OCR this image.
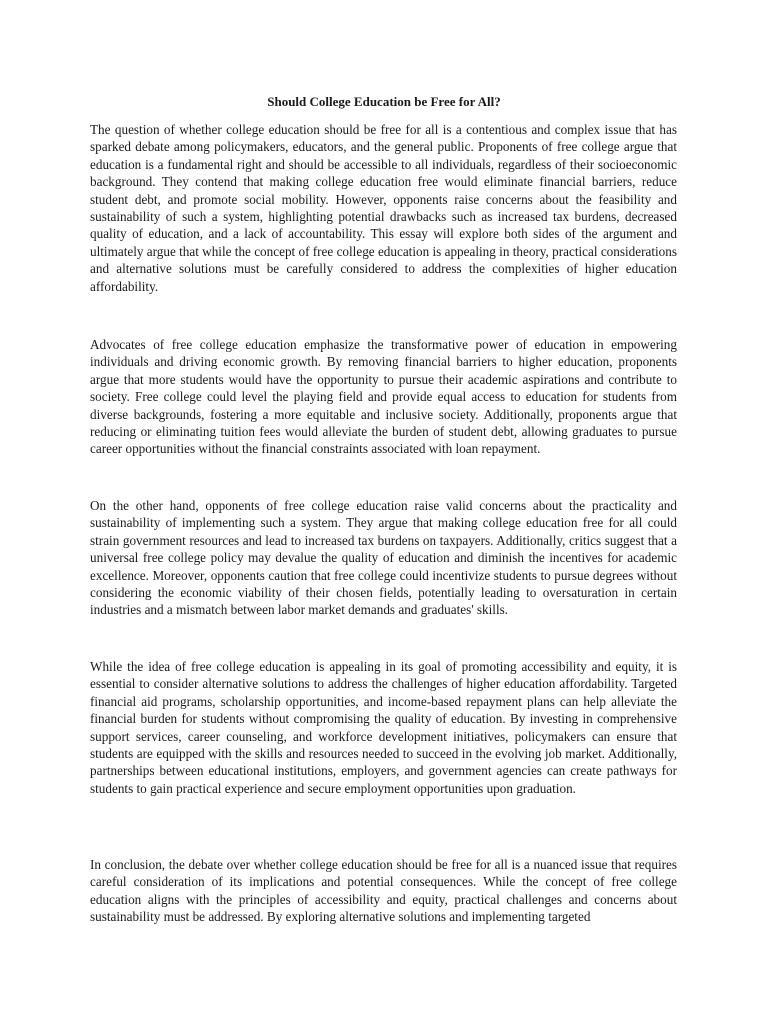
Should College Education be Free for All?

The question of whether college education should be free for all is a contentious and complex issue that has sparked debate among policymakers, educators, and the general public. Proponents of free college argue that education is a fundamental right and should be accessible to all individuals, regardless of their socioeconomic background. They contend that making college education free would eliminate financial barriers, reduce student debt, and promote social mobility. However, opponents raise concerns about the feasibility and sustainability of such a system, highlighting potential drawbacks such as increased tax burdens, decreased quality of education, and a lack of accountability. This essay will explore both sides of the argument and ultimately argue that while the concept of free college education is appealing in theory, practical considerations and alternative solutions must be carefully considered to address the complexities of higher education affordability.

Advocates of free college education emphasize the transformative power of education in empowering individuals and driving economic growth. By removing financial barriers to higher education, proponents argue that more students would have the opportunity to pursue their academic aspirations and contribute to society. Free college could level the playing field and provide equal access to education for students from diverse backgrounds, fostering a more equitable and inclusive society. Additionally, proponents argue that reducing or eliminating tuition fees would alleviate the burden of student debt, allowing graduates to pursue career opportunities without the financial constraints associated with loan repayment.

On the other hand, opponents of free college education raise valid concerns about the practicality and sustainability of implementing such a system. They argue that making college education free for all could strain government resources and lead to increased tax burdens on taxpayers. Additionally, critics suggest that a universal free college policy may devalue the quality of education and diminish the incentives for academic excellence. Moreover, opponents caution that free college could incentivize students to pursue degrees without considering the economic viability of their chosen fields, potentially leading to oversaturation in certain industries and a mismatch between labor market demands and graduates' skills.

While the idea of free college education is appealing in its goal of promoting accessibility and equity, it is essential to consider alternative solutions to address the challenges of higher education affordability. Targeted financial aid programs, scholarship opportunities, and income-based repayment plans can help alleviate the financial burden for students without compromising the quality of education. By investing in comprehensive support services, career counseling, and workforce development initiatives, policymakers can ensure that students are equipped with the skills and resources needed to succeed in the evolving job market. Additionally, partnerships between educational institutions, employers, and government agencies can create pathways for students to gain practical experience and secure employment opportunities upon graduation.

In conclusion, the debate over whether college education should be free for all is a nuanced issue that requires careful consideration of its implications and potential consequences. While the concept of free college education aligns with the principles of accessibility and equity, practical challenges and concerns about sustainability must be addressed. By exploring alternative solutions and implementing targeted
